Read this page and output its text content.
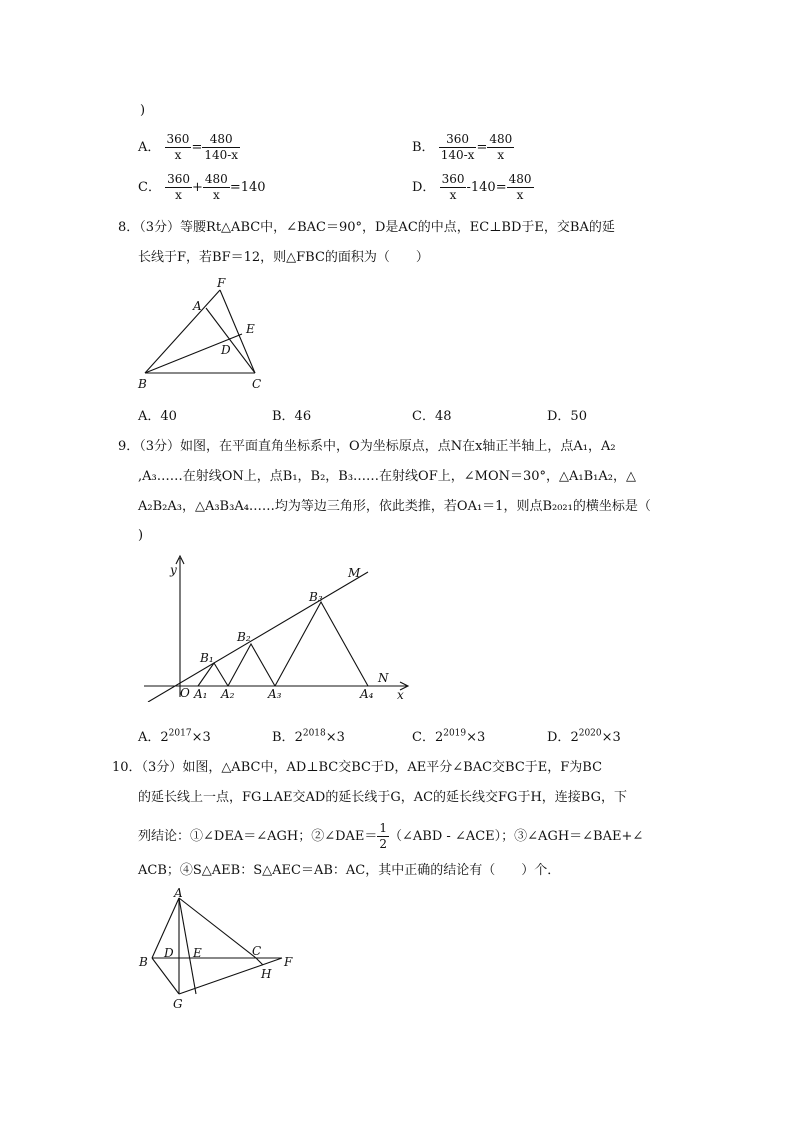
)
A． $\frac{360}{x} = \frac{480}{140-x}$	B． $\frac{360}{140-x} = \frac{480}{x}$
C． $\frac{360}{x} + \frac{480}{x} =140$	D． $\frac{360}{x} -140= \frac{480}{x}$
8．（3分）等腰Rt△ABC中，∠BAC＝90°，D是AC的中点，EC⊥BD于E，交BA的延
长线于F，若BF＝12，则△FBC的面积为（　　）
F
A
E
D
B	C
A．40	B．46	C．48	D．50
9．（3分）如图，在平面直角坐标系中，O为坐标原点，点N在x轴正半轴上，点A₁，A₂
,A₃……在射线ON上，点B₁，B₂，B₃……在射线OF上，∠MON＝30°，△A₁B₁A₂，△
A₂B₂A₃，△A₃B₃A₄……均为等边三角形，依此类推，若OA₁＝1，则点B₂₀₂₁的横坐标是（
)
y
x
M
N
O A₁ A₂	A₃	A₄
B₁
B₂
B₃
A．$2^{2017}\times 3$	B．$2^{2018}\times 3$	C．$2^{2019}\times 3$	D．$2^{2020}\times 3$
10．（3分）如图，△ABC中，AD⊥BC交BC于D，AE平分∠BAC交BC于E，F为BC
的延长线上一点，FG⊥AE交AD的延长线于G，AC的延长线交FG于H，连接BG，下
列结论：①∠DEA＝∠AGH；②∠DAE＝ $\frac{1}{2}$ （∠ABD - ∠ACE）；③∠AGH＝∠BAE+∠
ACB；④S△AEB：S△AEC＝AB：AC，其中正确的结论有（　　）个．
A
B
D E	C
F
H
G
